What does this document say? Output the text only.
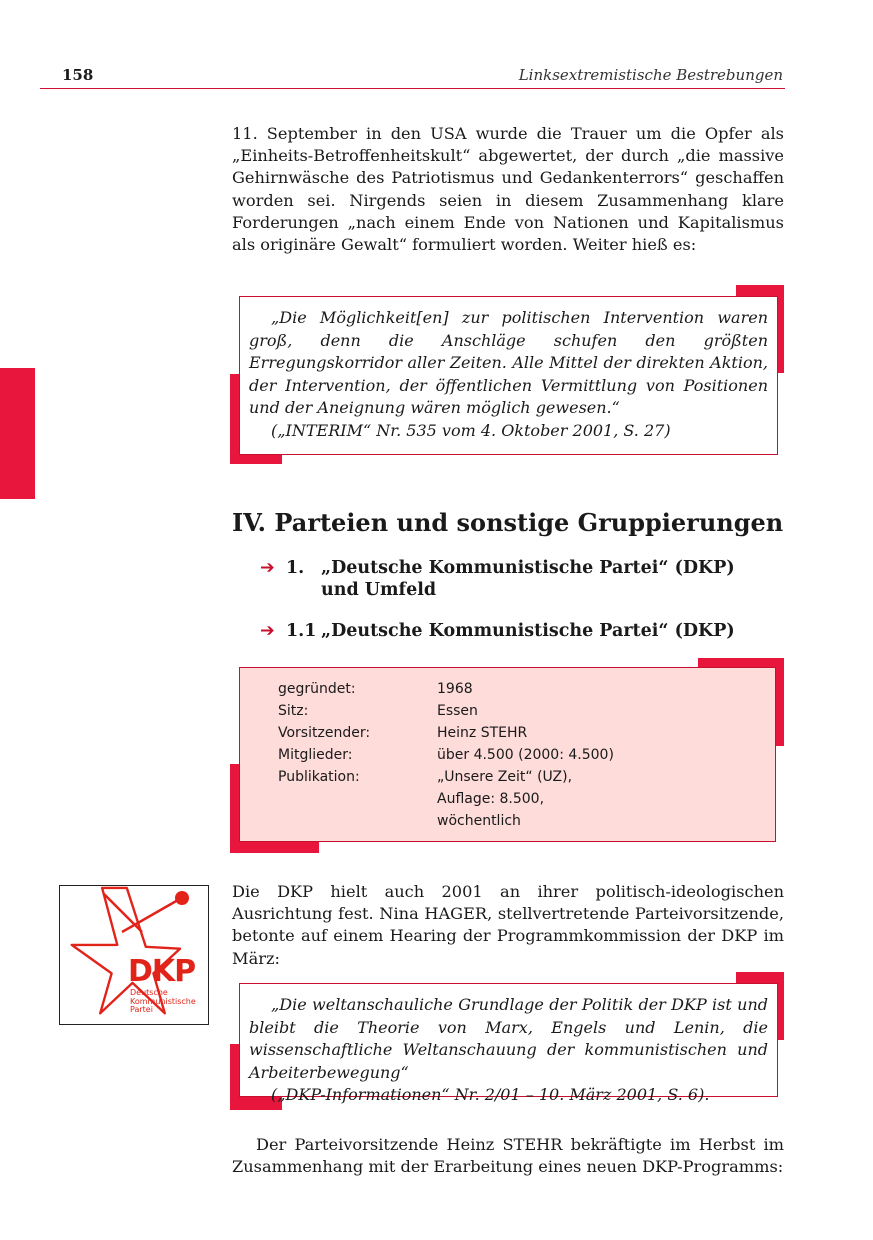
158	Linksextremistische Bestrebungen

11. September in den USA wurde die Trauer um die Opfer als „Einheits-Betroffenheitskult“ abgewertet, der durch „die massive Gehirnwäsche des Patriotismus und Gedankenterrors“ geschaffen worden sei. Nirgends seien in diesem Zusammenhang klare Forderungen „nach einem Ende von Nationen und Kapitalismus als originäre Gewalt“ formuliert worden. Weiter hieß es:

„Die Möglichkeit[en] zur politischen Intervention waren groß, denn die Anschläge schufen den größten Erregungskorridor aller Zeiten. Alle Mittel der direkten Aktion, der Intervention, der öffentlichen Vermittlung von Positionen und der Aneignung wären möglich gewesen.“

(„INTERIM“ Nr. 535 vom 4. Oktober 2001, S. 27)

IV. Parteien und sonstige Gruppierungen
➔ 1. „Deutsche Kommunistische Partei“ (DKP) und Umfeld
➔ 1.1 „Deutsche Kommunistische Partei“ (DKP)
gegründet:	1968
Sitz:	Essen
Vorsitzender:	Heinz STEHR
Mitglieder:	über 4.500 (2000: 4.500)
Publikation:	„Unsere Zeit“ (UZ),
	Auflage: 8.500,
	wöchentlich
DKP
Deutsche
Kommunistische
Partei

Die DKP hielt auch 2001 an ihrer politisch-ideologischen Ausrichtung fest. Nina HAGER, stellvertretende Parteivorsitzende, betonte auf einem Hearing der Programmkommission der DKP im März:

„Die weltanschauliche Grundlage der Politik der DKP ist und bleibt die Theorie von Marx, Engels und Lenin, die wissenschaftliche Weltanschauung der kommunistischen und Arbeiterbewegung“

(„DKP-Informationen“ Nr. 2/01 – 10. März 2001, S. 6).

Der Parteivorsitzende Heinz STEHR bekräftigte im Herbst im Zusammenhang mit der Erarbeitung eines neuen DKP-Programms:
